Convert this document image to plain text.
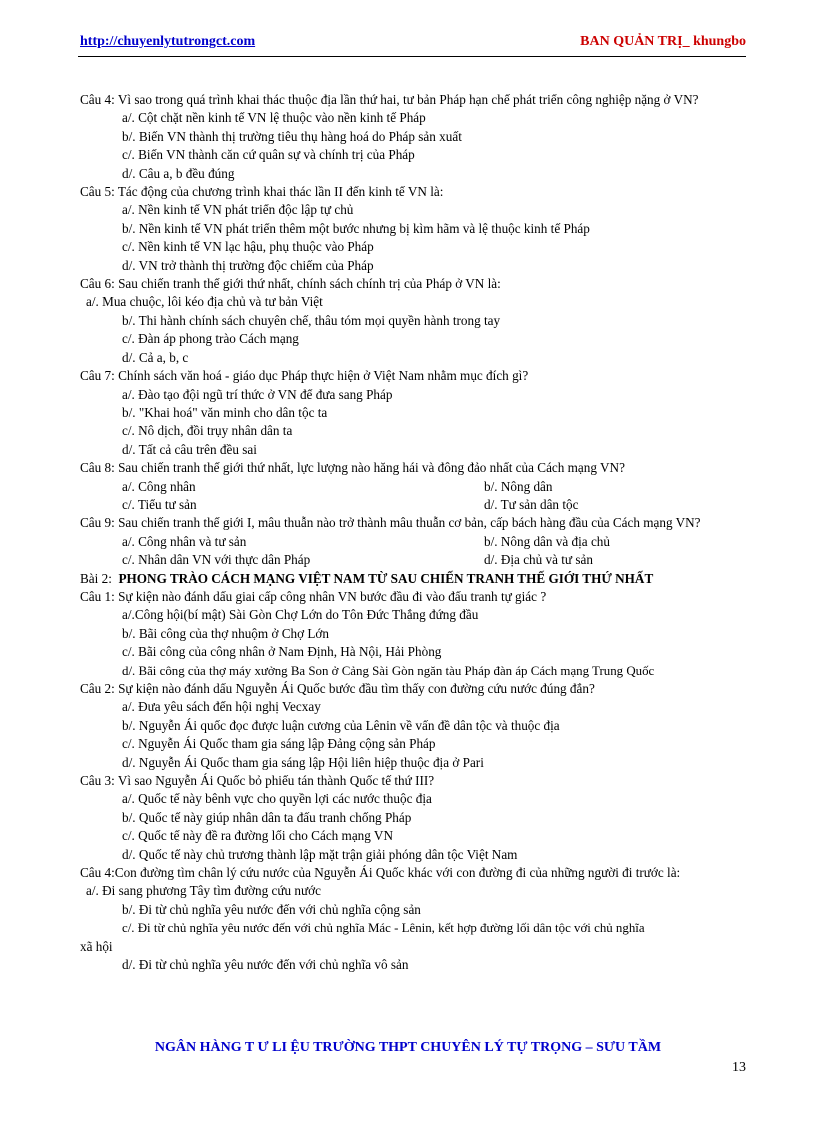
http://chuyenlytutrongct.com	BAN QUẢN TRỊ_ khungbo

Câu 4: Vì sao trong quá trình khai thác thuộc địa lần thứ hai, tư bản Pháp hạn chế phát triển công nghiệp nặng ở VN?

a/. Cột chặt nền kinh tế VN lệ thuộc vào nền kinh tế Pháp

b/. Biến VN thành thị trường tiêu thụ hàng hoá do Pháp sản xuất

c/. Biến VN thành căn cứ quân sự và chính trị của Pháp

d/. Câu a, b đều đúng

Câu 5: Tác động của chương trình khai thác lần II đến kinh tế VN là:

a/. Nền kinh tế VN phát triển độc lập tự chủ

b/. Nền kinh tế VN phát triển thêm một bước nhưng bị kìm hãm và lệ thuộc kinh tế Pháp

c/. Nền kinh tế VN lạc hậu, phụ thuộc vào Pháp

d/. VN trở thành thị trường độc chiếm của Pháp

Câu 6: Sau chiến tranh thế giới thứ nhất, chính sách chính trị của Pháp ở VN là:

a/. Mua chuộc, lôi kéo địa chủ và tư bản Việt

b/. Thi hành chính sách chuyên chế, thâu tóm mọi quyền hành trong tay

c/. Đàn áp phong trào Cách mạng

d/. Cả a, b, c

Câu 7: Chính sách văn hoá - giáo dục Pháp thực hiện ở Việt Nam nhằm mục đích gì?

a/. Đào tạo đội ngũ trí thức ở VN để đưa sang Pháp

b/. "Khai hoá" văn minh cho dân tộc ta

c/. Nô dịch, đồi trụy nhân dân ta

d/. Tất cả câu trên đều sai

Câu 8: Sau chiến tranh thế giới thứ nhất, lực lượng nào hăng hái và đông đảo nhất của Cách mạng VN?

a/. Công nhân	b/. Nông dân
c/. Tiểu tư sản	d/. Tư sản dân tộc

Câu 9: Sau chiến tranh thế giới I, mâu thuẫn nào trở thành mâu thuẫn cơ bản, cấp bách hàng đầu của Cách mạng VN?

a/. Công nhân và tư sản	b/. Nông dân và địa chủ
c/. Nhân dân VN với thực dân Pháp	d/. Địa chủ và tư sản

Bài 2: PHONG TRÀO CÁCH MẠNG VIỆT NAM TỪ SAU CHIẾN TRANH THẾ GIỚI THỨ NHẤT

Câu 1: Sự kiện nào đánh dấu giai cấp công nhân VN bước đầu đi vào đấu tranh tự giác ?

a/.Công hội(bí mật) Sài Gòn Chợ Lớn do Tôn Đức Thắng đứng đầu

b/. Bãi công của thợ nhuộm ở Chợ Lớn

c/. Bãi công của công nhân ở Nam Định, Hà Nội, Hải Phòng

d/. Bãi công của thợ máy xưởng Ba Son ở Cảng Sài Gòn ngăn tàu Pháp đàn áp Cách mạng Trung Quốc

Câu 2: Sự kiện nào đánh dấu Nguyễn Ái Quốc bước đầu tìm thấy con đường cứu nước đúng đắn?

a/. Đưa yêu sách đến hội nghị Vecxay

b/. Nguyễn Ái quốc đọc được luận cương của Lênin về vấn đề dân tộc và thuộc địa

c/. Nguyễn Ái Quốc tham gia sáng lập Đảng cộng sản Pháp

d/. Nguyễn Ái Quốc tham gia sáng lập Hội liên hiệp thuộc địa ở Pari

Câu 3: Vì sao Nguyễn Ái Quốc bỏ phiếu tán thành Quốc tế thứ III?

a/. Quốc tế này bênh vực cho quyền lợi các nước thuộc địa

b/. Quốc tế này giúp nhân dân ta đấu tranh chống Pháp

c/. Quốc tế này đề ra đường lối cho Cách mạng VN

d/. Quốc tế này chủ trương thành lập mặt trận giải phóng dân tộc Việt Nam

Câu 4:Con đường tìm chân lý cứu nước của Nguyễn Ái Quốc khác với con đường đi của những người đi trước là:

a/. Đi sang phương Tây tìm đường cứu nước

b/. Đi từ chủ nghĩa yêu nước đến với chủ nghĩa cộng sản

c/. Đi từ chủ nghĩa yêu nước đến với chủ nghĩa Mác - Lênin, kết hợp đường lối dân tộc với chủ nghĩa

xã hội

d/. Đi từ chủ nghĩa yêu nước đến với chủ nghĩa vô sản

NGÂN HÀNG T Ư LI ỆU TRƯỜNG THPT CHUYÊN LÝ TỰ TRỌNG – SƯU TẦM
13
